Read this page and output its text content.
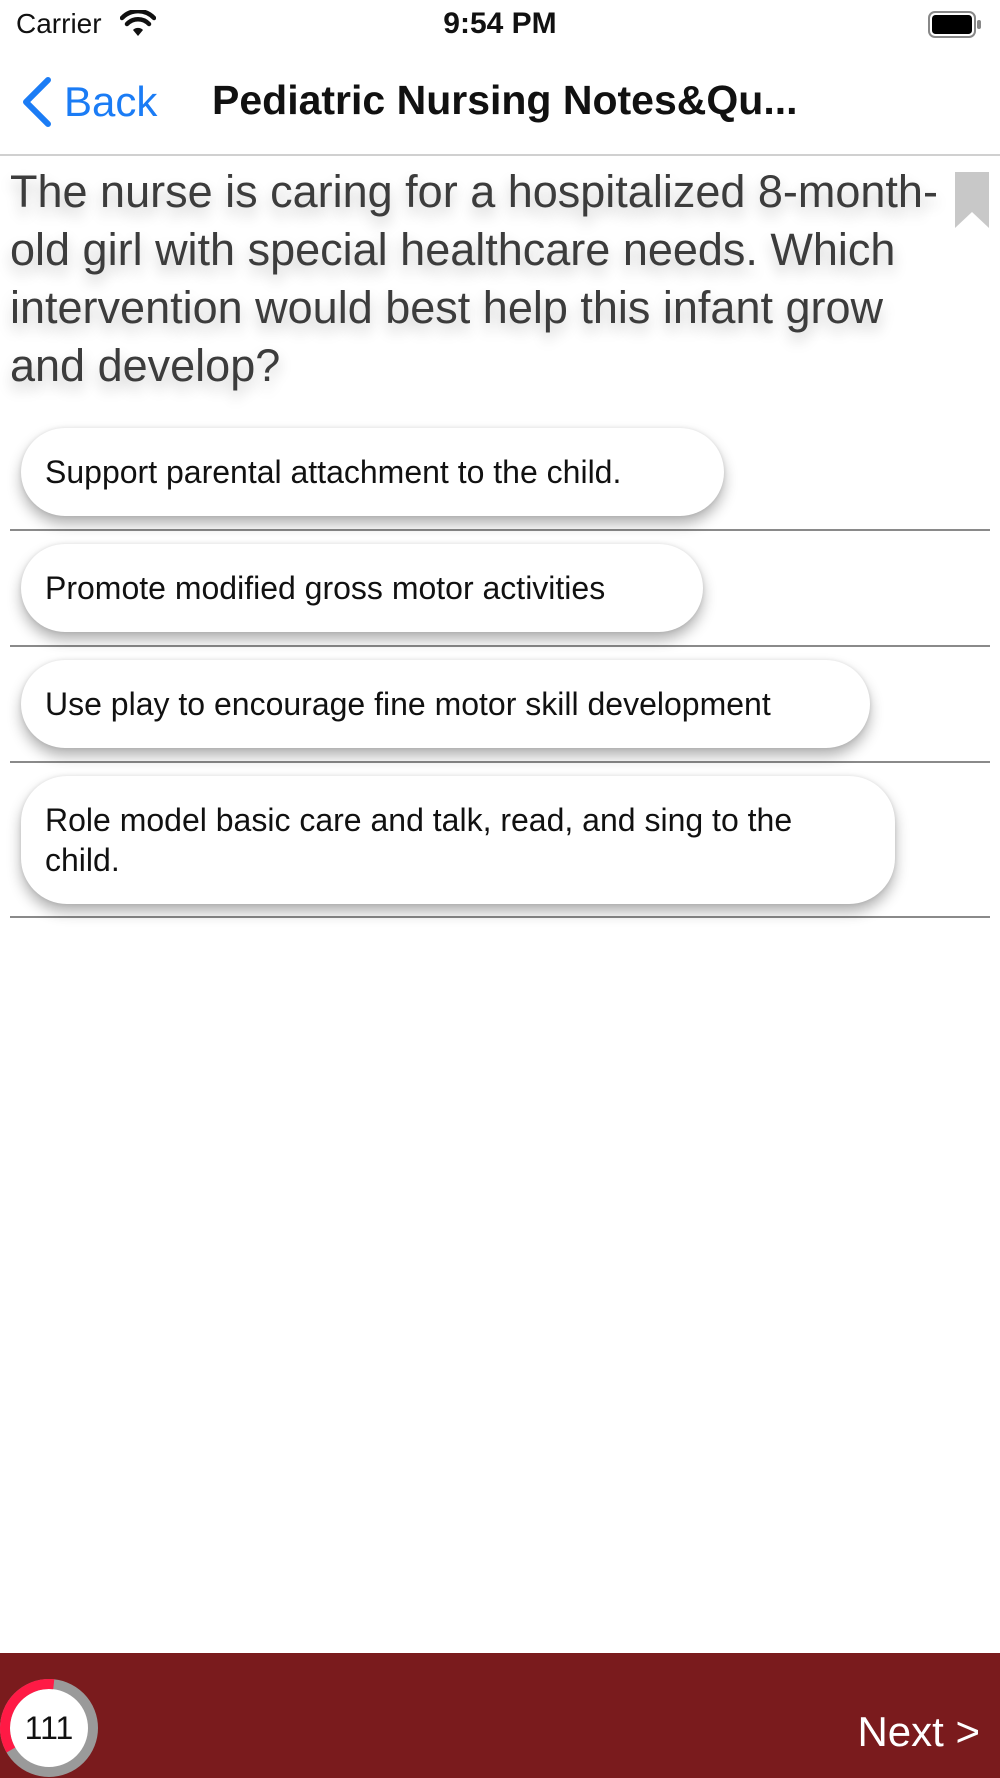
Carrier	9:54 PM
Back Pediatric Nursing Notes&Qu...
The nurse is caring for a hospitalized 8-month-old girl with special healthcare needs. Which intervention would best help this infant grow and develop?
Support parental attachment to the child.
Promote modified gross motor activities
Use play to encourage fine motor skill development
Role model basic care and talk, read, and sing to the child.
111	Next >
